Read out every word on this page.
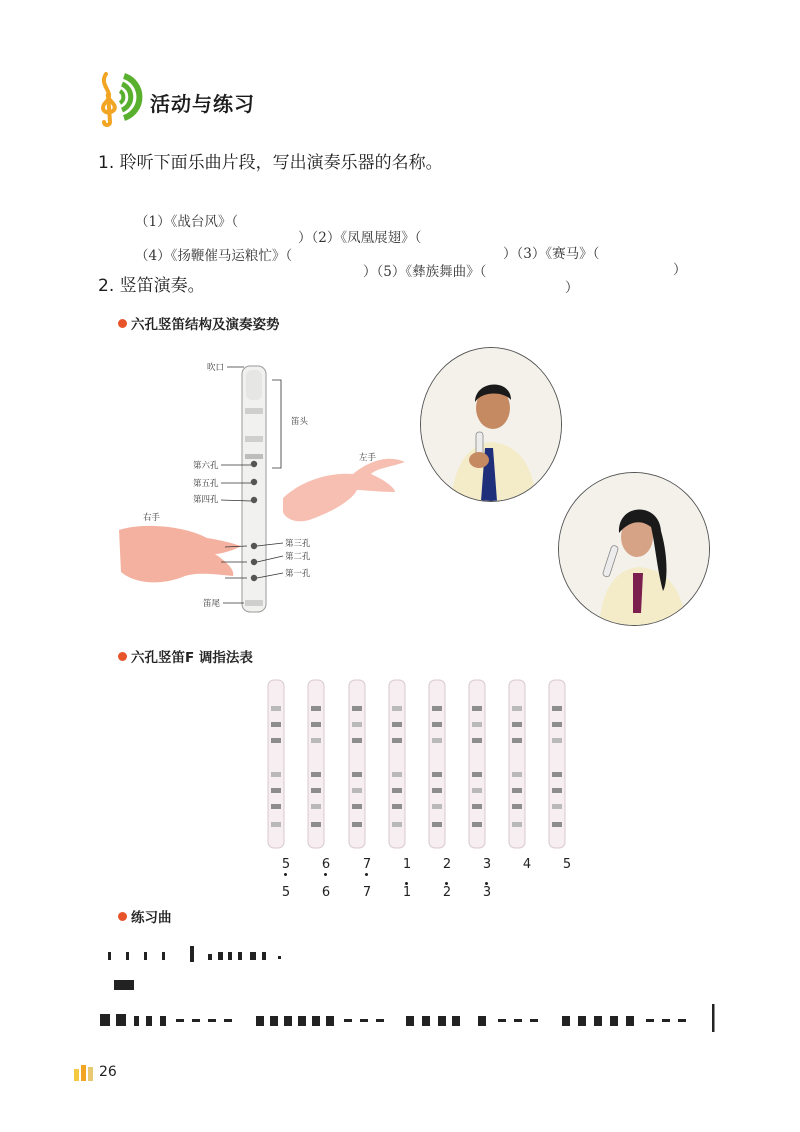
活动与练习
1. 聆听下面乐曲片段，写出演奏乐器的名称。

（1）《战台风》（

）（2）《凤凰展翅》（

）（3）《赛马》（

）

（4）《扬鞭催马运粮忙》（

）（5）《彝族舞曲》（

）

2. 竖笛演奏。
六孔竖笛结构及演奏姿势
吹口
第六孔
第五孔
第四孔
笛尾
笛头
第三孔
第二孔
第一孔
左手
右手
六孔竖笛F 调指法表
5	6	7	1	2	3	4	5
5	6	7	1	2	3
练习曲
26
